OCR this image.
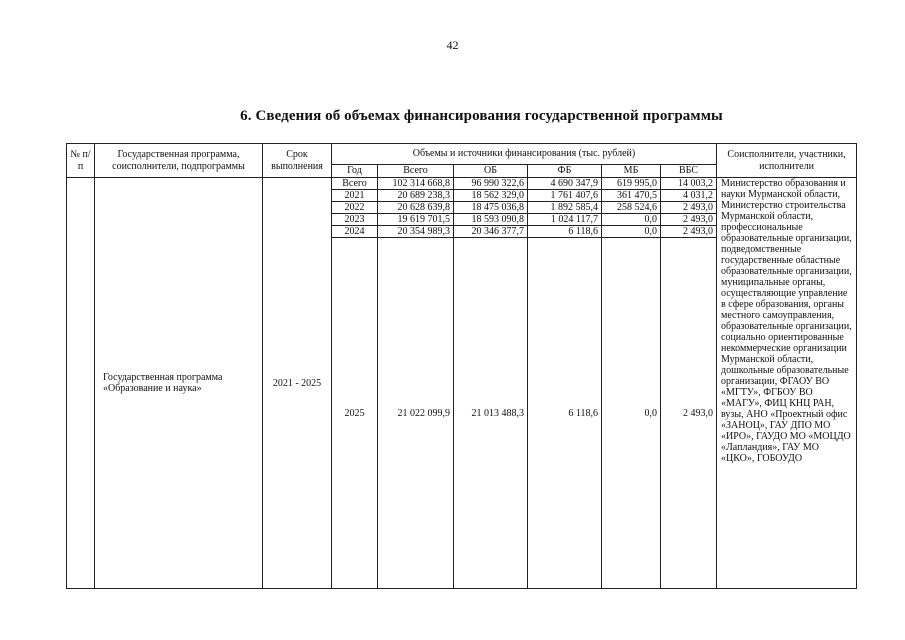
42
6. Сведения об объемах финансирования государственной программы
№ п/п	Государственная программа, соисполнители, подпрограммы	Срок выполнения	Объемы и источники финансирования (тыс. рублей)						Соисполнители, участники, исполнители
			Год	Всего	ОБ	ФБ	МБ	ВБС	
	Государственная программа «Образование и наука»	2021 - 2025	Всего	102 314 668,8	96 990 322,6	4 690 347,9	619 995,0	14 003,2	Министерство образования и науки Мурманской области, Министерство строительства Мурманской области, профессиональные образовательные организации, подведомственные государственные областные образовательные организации, муниципальные органы, осуществляющие управление в сфере образования, органы местного самоуправления, образовательные организации, социально ориентированные некоммерческие организации Мурманской области, дошкольные образовательные организации, ФГАОУ ВО «МГТУ», ФГБОУ ВО «МАГУ», ФИЦ КНЦ РАН, вузы, АНО «Проектный офис «ЗАНОЦ», ГАУ ДПО МО «ИРО», ГАУДО МО «МОЦДО «Лапландия», ГАУ МО «ЦКО», ГОБОУДО
			2021	20 689 238,3	18 562 329,0	1 761 407,6	361 470,5	4 031,2	
			2022	20 628 639,8	18 475 036,8	1 892 585,4	258 524,6	2 493,0	
			2023	19 619 701,5	18 593 090,8	1 024 117,7	0,0	2 493,0	
			2024	20 354 989,3	20 346 377,7	6 118,6	0,0	2 493,0	
			2025	21 022 099,9	21 013 488,3	6 118,6	0,0	2 493,0	
